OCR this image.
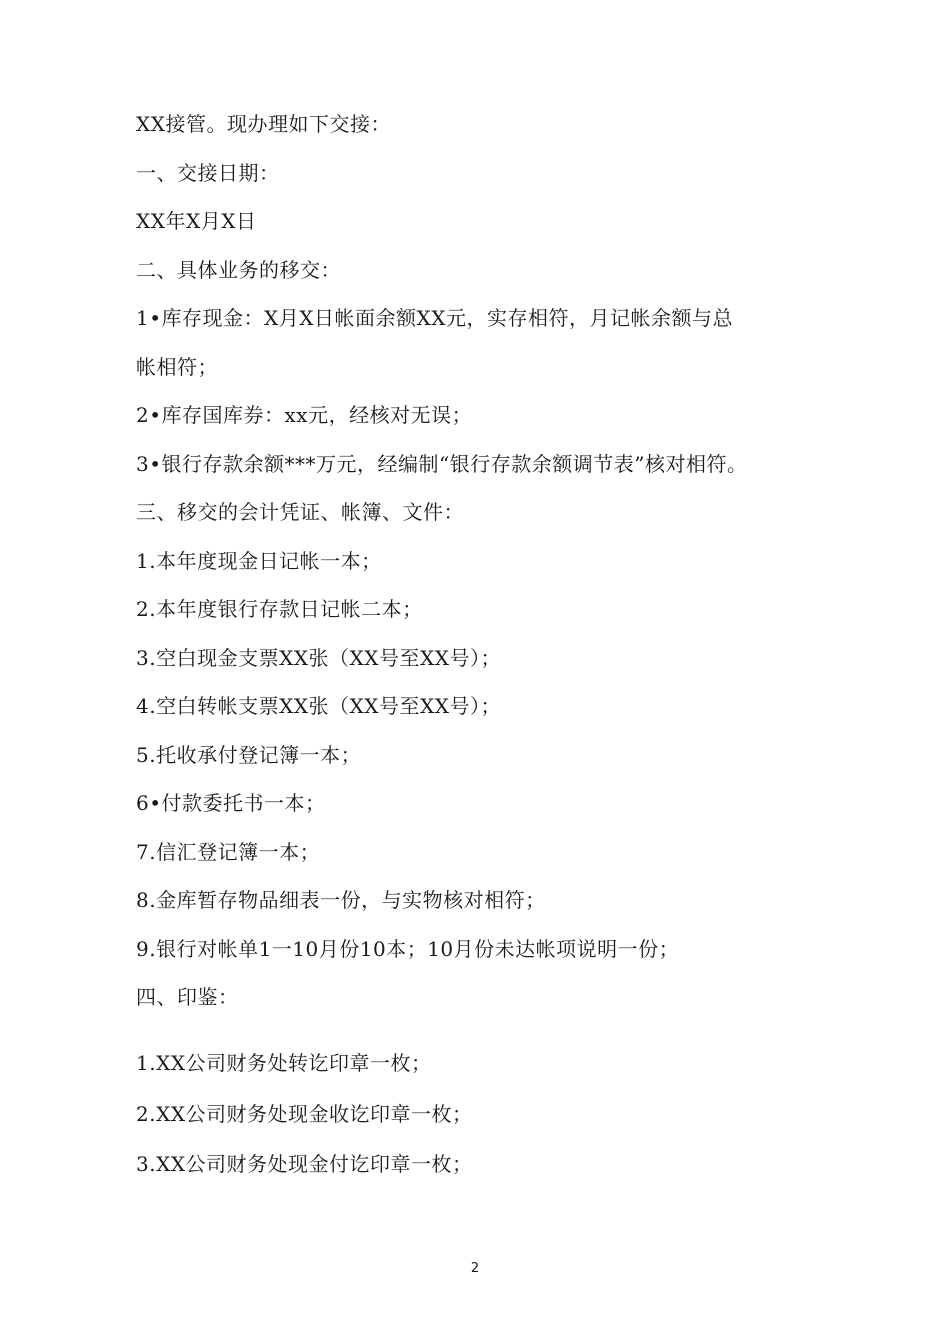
XX接管。现办理如下交接：
一、交接日期：
XX年X月X日
二、具体业务的移交：
1•库存现金：X月X日帐面余额XX元，实存相符，月记帐余额与总
帐相符；
2•库存国库券：xx元，经核对无误；
3•银行存款余额***万元，经编制“银行存款余额调节表”核对相符。
三、移交的会计凭证、帐簿、文件：
1.本年度现金日记帐一本；
2.本年度银行存款日记帐二本；
3.空白现金支票XX张（XX号至XX号）；
4.空白转帐支票XX张（XX号至XX号）；
5.托收承付登记簿一本；
6•付款委托书一本；
7.信汇登记簿一本；
8.金库暂存物品细表一份，与实物核对相符；
9.银行对帐单1一10月份10本；10月份未达帐项说明一份；
四、印鉴：
1.XX公司财务处转讫印章一枚；
2.XX公司财务处现金收讫印章一枚；
3.XX公司财务处现金付讫印章一枚；
2
